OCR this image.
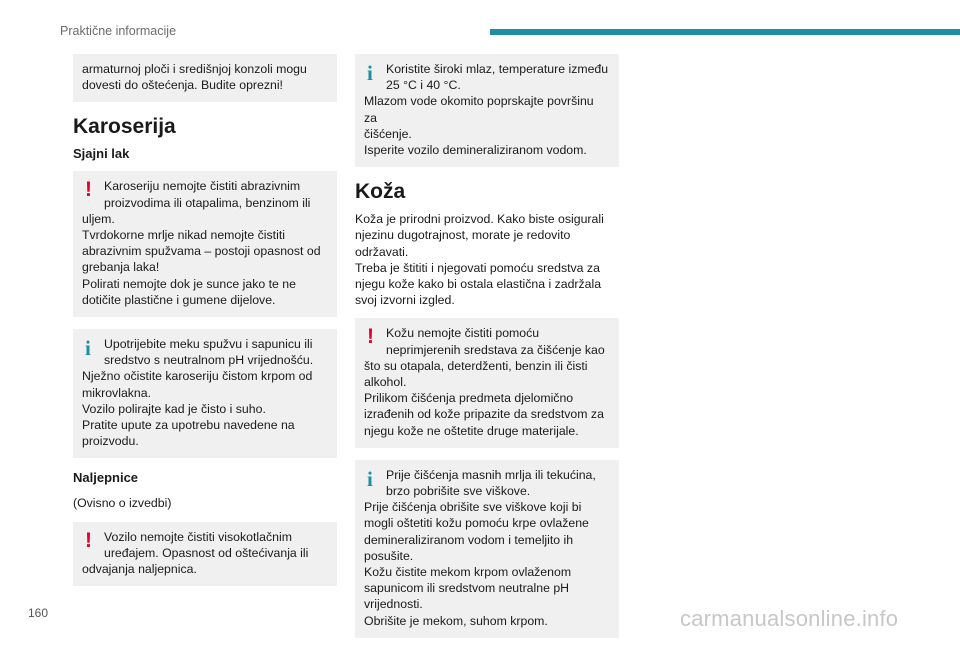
Praktične informacije
armaturnoj ploči i središnjoj konzoli mogu
dovesti do oštećenja. Budite oprezni!
Karoserija
Sjajni lak
! Karoseriju nemojte čistiti abrazivnim
proizvodima ili otapalima, benzinom ili
uljem.
Tvrdokorne mrlje nikad nemojte čistiti
abrazivnim spužvama – postoji opasnost od
grebanja laka!
Polirati nemojte dok je sunce jako te ne
dotičite plastične i gumene dijelove.
i Upotrijebite meku spužvu i sapunicu ili
sredstvo s neutralnom pH vrijednošću.
Nježno očistite karoseriju čistom krpom od
mikrovlakna.
Vozilo polirajte kad je čisto i suho.
Pratite upute za upotrebu navedene na
proizvodu.
Naljepnice

(Ovisno o izvedbi)

! Vozilo nemojte čistiti visokotlačnim
uređajem. Opasnost od oštećivanja ili
odvajanja naljepnica.
i Koristite široki mlaz, temperature između
25 °C i 40 °C.
Mlazom vode okomito poprskajte površinu za
čišćenje.
Isperite vozilo demineraliziranom vodom.
Koža

Koža je prirodni proizvod. Kako biste osigurali
njezinu dugotrajnost, morate je redovito
održavati.
Treba je štititi i njegovati pomoću sredstva za
njegu kože kako bi ostala elastična i zadržala
svoj izvorni izgled.

! Kožu nemojte čistiti pomoću
neprimjerenih sredstava za čišćenje kao
što su otapala, deterdženti, benzin ili čisti
alkohol.
Prilikom čišćenja predmeta djelomično
izrađenih od kože pripazite da sredstvom za
njegu kože ne oštetite druge materijale.
i Prije čišćenja masnih mrlja ili tekućina,
brzo pobrišite sve viškove.
Prije čišćenja obrišite sve viškove koji bi
mogli oštetiti kožu pomoću krpe ovlažene
demineraliziranom vodom i temeljito ih
posušite.
Kožu čistite mekom krpom ovlaženom
sapunicom ili sredstvom neutralne pH
vrijednosti.
Obrišite je mekom, suhom krpom.
160	carmanualsonline.info
